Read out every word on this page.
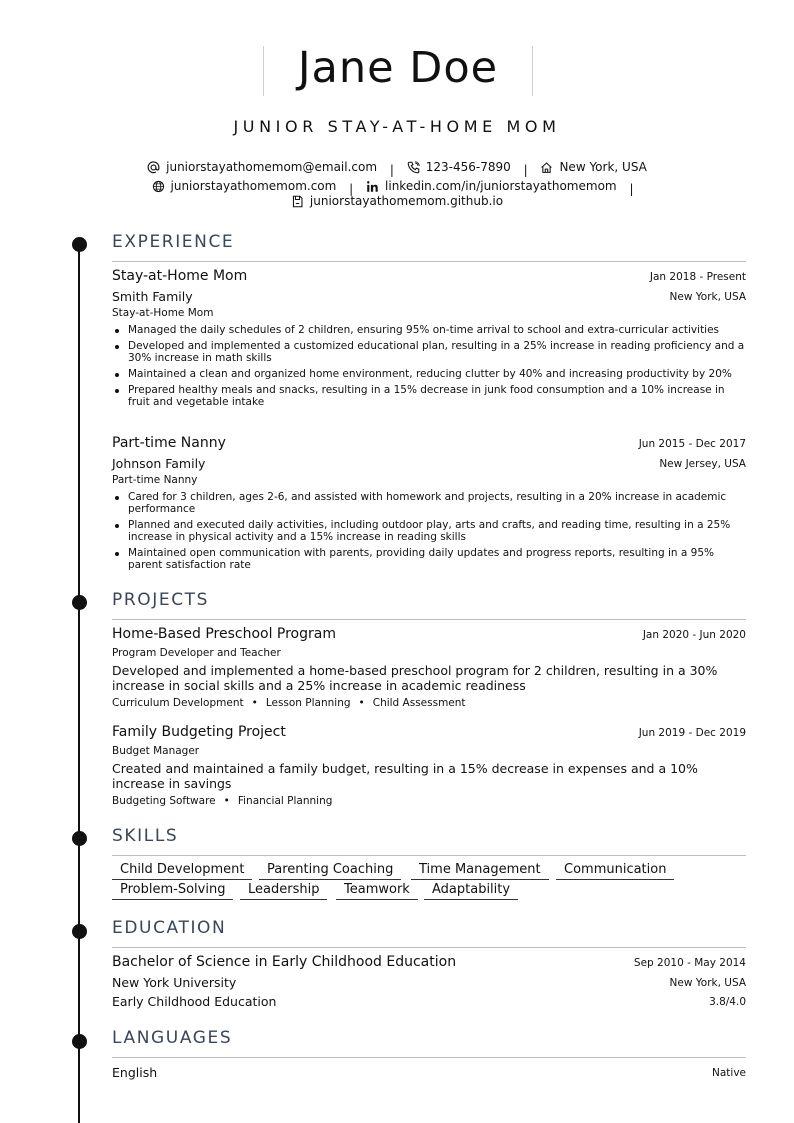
Jane Doe
JUNIOR STAY-AT-HOME MOM
juniorstayathomemom@email.com |	123-456-7890 |	New York, USA
juniorstayathomemom.com |	linkedin.com/in/juniorstayathomemom |
juniorstayathomemom.github.io
EXPERIENCE
Stay-at-Home Mom	Jan 2018 - Present
Smith Family	New York, USA
Stay-at-Home Mom
Managed the daily schedules of 2 children, ensuring 95% on-time arrival to school and extra-curricular activities
Developed and implemented a customized educational plan, resulting in a 25% increase in reading proficiency and a 30% increase in math skills
Maintained a clean and organized home environment, reducing clutter by 40% and increasing productivity by 20%
Prepared healthy meals and snacks, resulting in a 15% decrease in junk food consumption and a 10% increase in fruit and vegetable intake
Part-time Nanny	Jun 2015 - Dec 2017
Johnson Family	New Jersey, USA
Part-time Nanny
Cared for 3 children, ages 2-6, and assisted with homework and projects, resulting in a 20% increase in academic performance
Planned and executed daily activities, including outdoor play, arts and crafts, and reading time, resulting in a 25% increase in physical activity and a 15% increase in reading skills
Maintained open communication with parents, providing daily updates and progress reports, resulting in a 95% parent satisfaction rate
PROJECTS
Home-Based Preschool Program	Jan 2020 - Jun 2020
Program Developer and Teacher
Developed and implemented a home-based preschool program for 2 children, resulting in a 30% increase in social skills and a 25% increase in academic readiness
Curriculum Development • Lesson Planning • Child Assessment
Family Budgeting Project	Jun 2019 - Dec 2019
Budget Manager
Created and maintained a family budget, resulting in a 15% decrease in expenses and a 10% increase in savings
Budgeting Software • Financial Planning
SKILLS
Child Development	Parenting Coaching	Time Management	Communication
Problem-Solving	Leadership	Teamwork	Adaptability
EDUCATION
Bachelor of Science in Early Childhood Education	Sep 2010 - May 2014
New York University	New York, USA
Early Childhood Education	3.8/4.0
LANGUAGES
English	Native
